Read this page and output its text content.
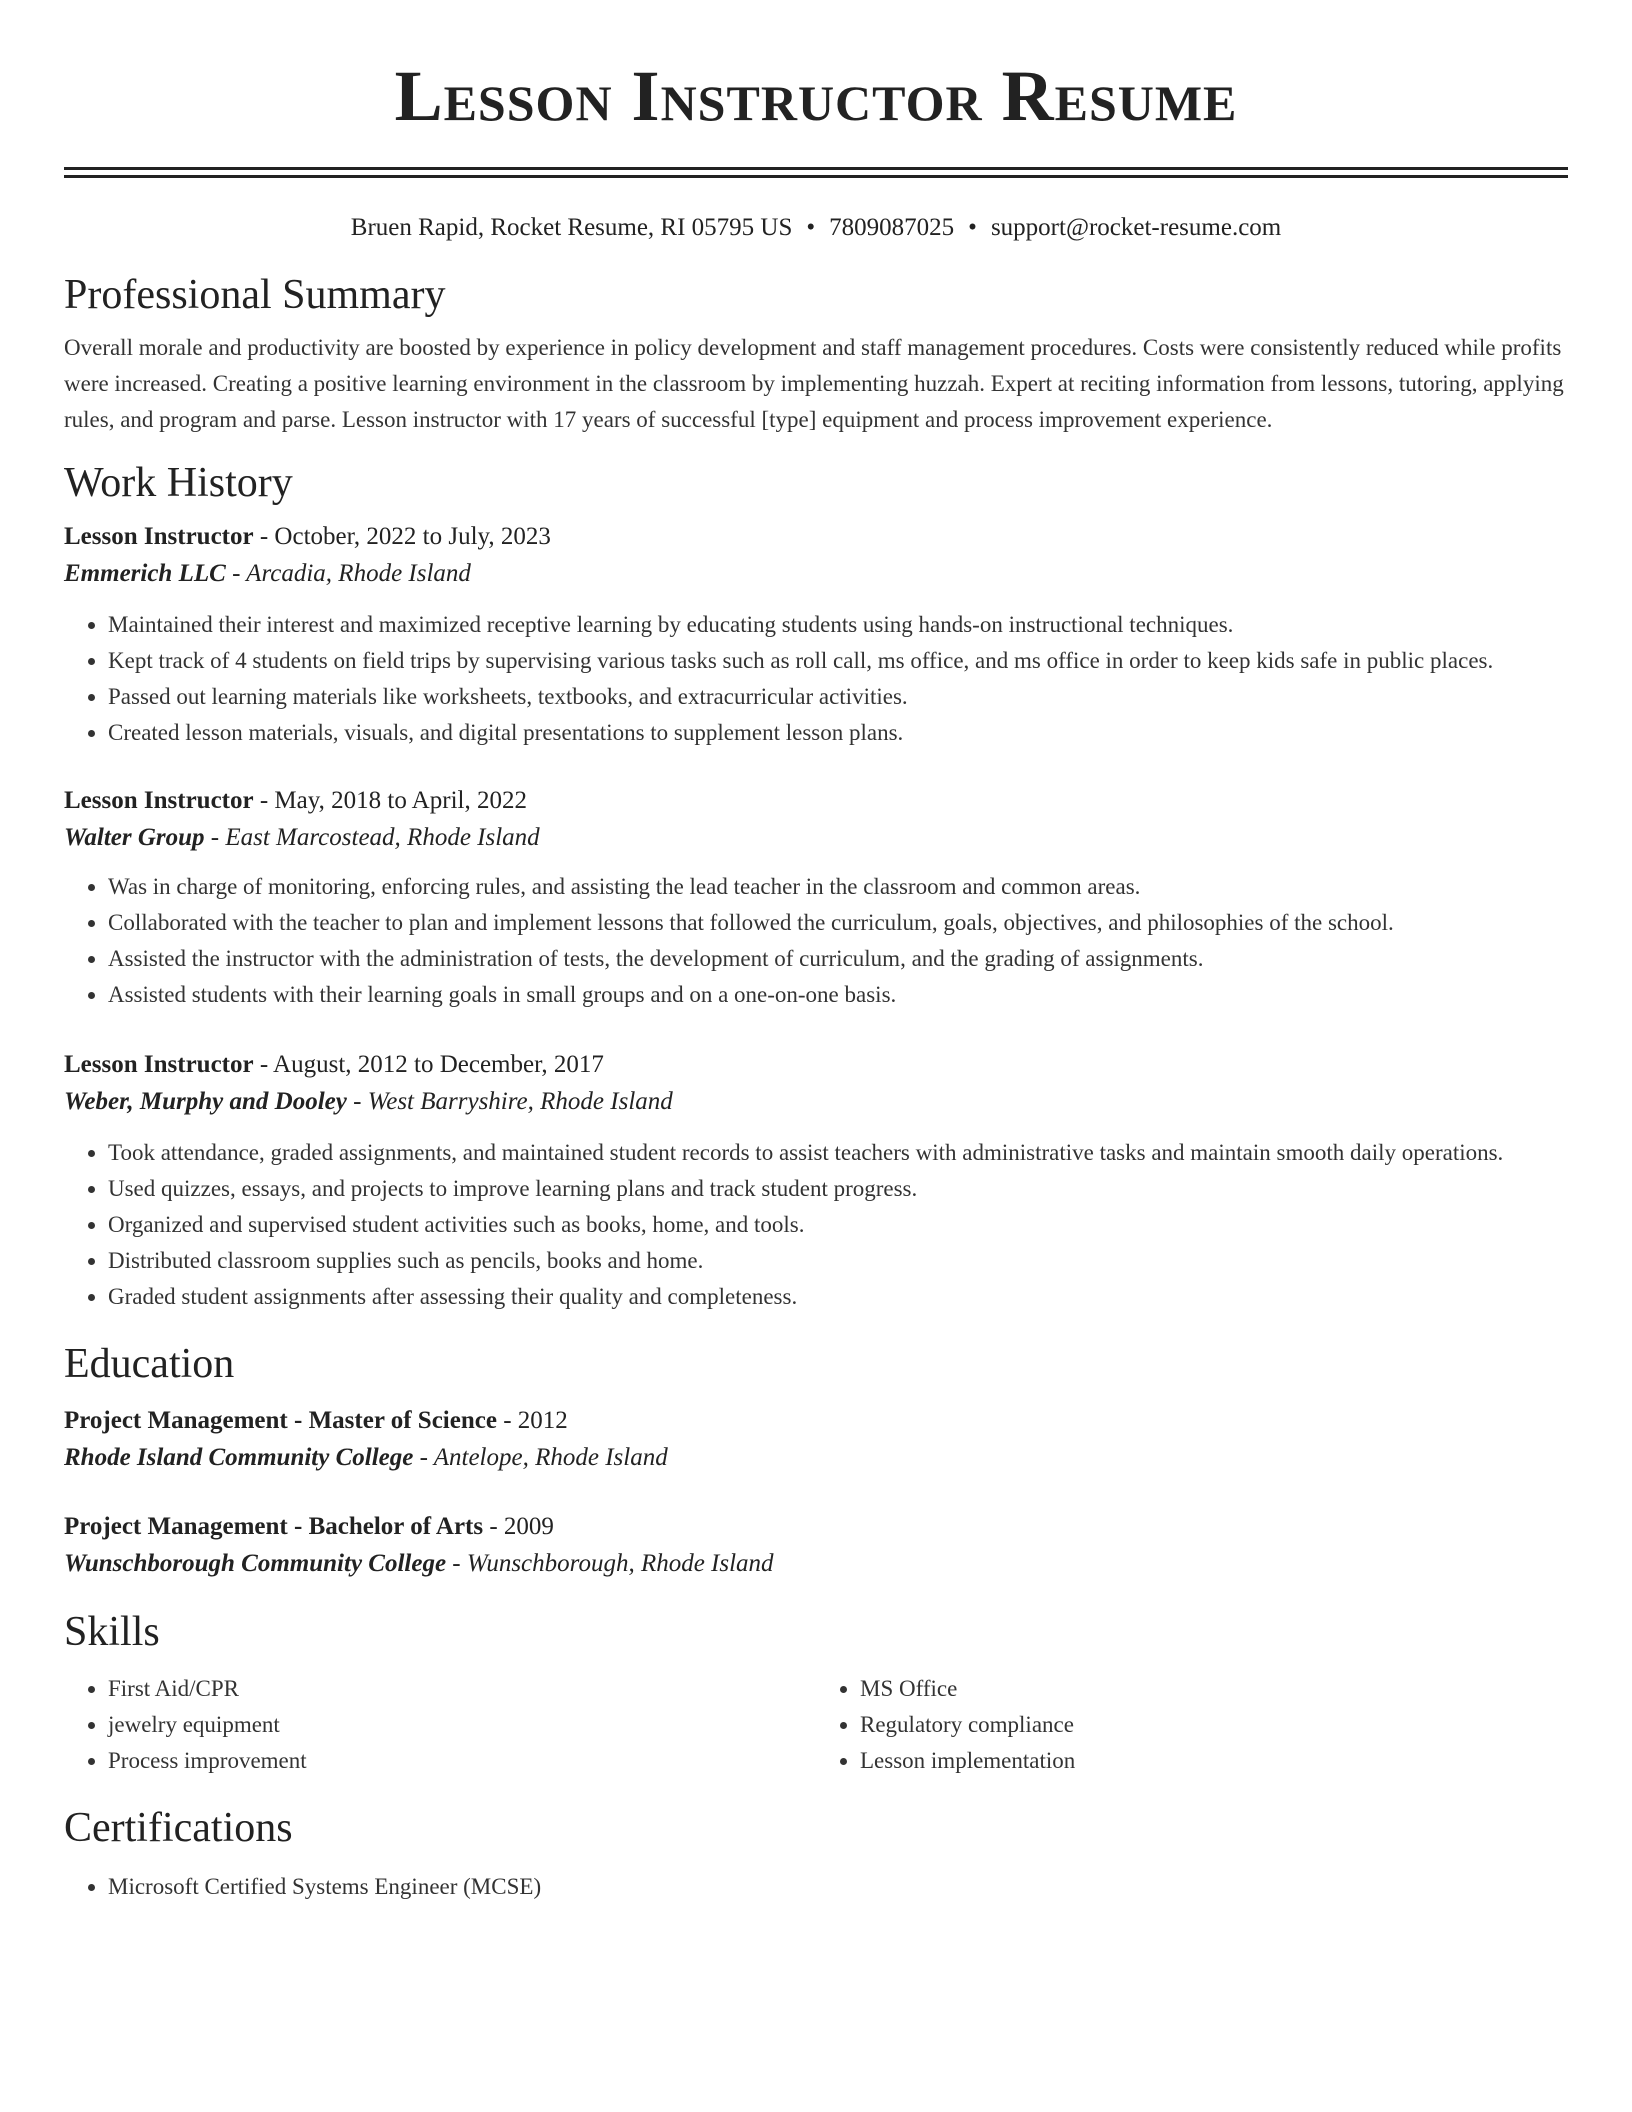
Lesson Instructor Resume
Bruen Rapid, Rocket Resume, RI 05795 US • 7809087025 • support@rocket-resume.com
Professional Summary

Overall morale and productivity are boosted by experience in policy development and staff management procedures. Costs were consistently reduced while profits were increased. Creating a positive learning environment in the classroom by implementing huzzah. Expert at reciting information from lessons, tutoring, applying rules, and program and parse. Lesson instructor with 17 years of successful [type] equipment and process improvement experience.

Work History

Lesson Instructor - October, 2022 to July, 2023

Emmerich LLC - Arcadia, Rhode Island

• Maintained their interest and maximized receptive learning by educating students using hands-on instructional techniques.
• Kept track of 4 students on field trips by supervising various tasks such as roll call, ms office, and ms office in order to keep kids safe in public places.
• Passed out learning materials like worksheets, textbooks, and extracurricular activities.
• Created lesson materials, visuals, and digital presentations to supplement lesson plans.

Lesson Instructor - May, 2018 to April, 2022

Walter Group - East Marcostead, Rhode Island

• Was in charge of monitoring, enforcing rules, and assisting the lead teacher in the classroom and common areas.
• Collaborated with the teacher to plan and implement lessons that followed the curriculum, goals, objectives, and philosophies of the school.
• Assisted the instructor with the administration of tests, the development of curriculum, and the grading of assignments.
• Assisted students with their learning goals in small groups and on a one-on-one basis.

Lesson Instructor - August, 2012 to December, 2017

Weber, Murphy and Dooley - West Barryshire, Rhode Island

• Took attendance, graded assignments, and maintained student records to assist teachers with administrative tasks and maintain smooth daily operations.
• Used quizzes, essays, and projects to improve learning plans and track student progress.
• Organized and supervised student activities such as books, home, and tools.
• Distributed classroom supplies such as pencils, books and home.
• Graded student assignments after assessing their quality and completeness.
Education

Project Management - Master of Science - 2012

Rhode Island Community College - Antelope, Rhode Island

Project Management - Bachelor of Arts - 2009

Wunschborough Community College - Wunschborough, Rhode Island

Skills
• First Aid/CPR
• jewelry equipment
• Process improvement
• MS Office
• Regulatory compliance
• Lesson implementation
Certifications
• Microsoft Certified Systems Engineer (MCSE)
